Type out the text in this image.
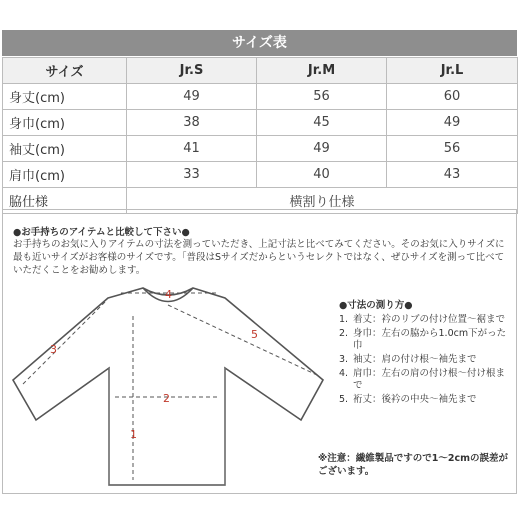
サイズ表
サイズ	Jr.S	Jr.M	Jr.L
身丈(cm)	49	56	60
身巾(cm)	38	45	49
袖丈(cm)	41	49	56
肩巾(cm)	33	40	43
脇仕様	横割り仕様		
●お手持ちのアイテムと比較して下さい●
お手持ちのお気に入りアイテムの寸法を測っていただき、上記寸法と比べてみてください。そのお気に入りサイズに最も近いサイズがお客様のサイズです。「普段はSサイズだからというセレクトではなく、ぜひサイズを測って比べていただくことをお勧めします。
4
2
1
3
5
●寸法の測り方●
1. 着丈：衿のリブの付け位置～裾まで
2. 身巾：左右の脇から1.0cm下がった巾
3. 袖丈：肩の付け根～袖先まで
4. 肩巾：左右の肩の付け根～付け根まで
5. 裄丈：後衿の中央～袖先まで
※注意：繊維製品ですので1～2cmの誤差がございます。
